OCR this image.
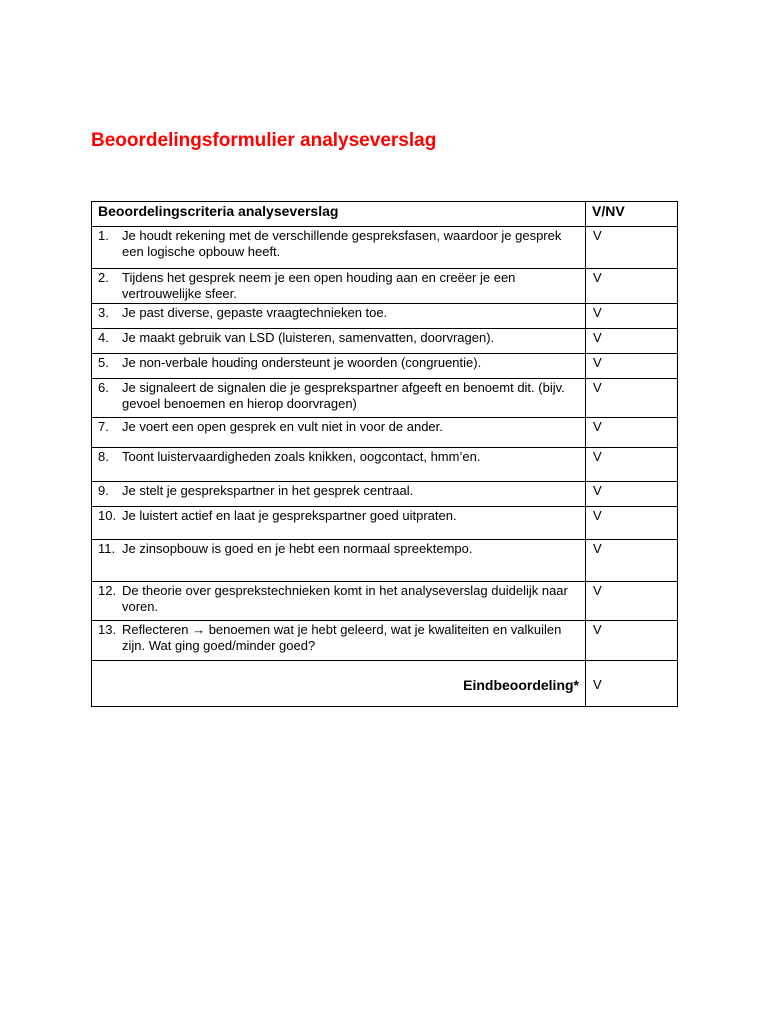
Beoordelingsformulier analyseverslag
Beoordelingscriteria analyseverslag	V/NV

1. Je houdt rekening met de verschillende gespreksfasen, waardoor je gesprek een logische opbouw heeft.	V

2. Tijdens het gesprek neem je een open houding aan en creëer je een vertrouwelijke sfeer.	V

3. Je past diverse, gepaste vraagtechnieken toe.	V

4. Je maakt gebruik van LSD (luisteren, samenvatten, doorvragen).	V

5. Je non-verbale houding ondersteunt je woorden (congruentie).	V

6. Je signaleert de signalen die je gesprekspartner afgeeft en benoemt dit. (bijv. gevoel benoemen en hierop doorvragen)	V

7. Je voert een open gesprek en vult niet in voor de ander.	V

8. Toont luistervaardigheden zoals knikken, oogcontact, hmm’en.	V

9. Je stelt je gesprekspartner in het gesprek centraal.	V

10. Je luistert actief en laat je gesprekspartner goed uitpraten.	V

11. Je zinsopbouw is goed en je hebt een normaal spreektempo.	V

12. De theorie over gesprekstechnieken komt in het analyseverslag duidelijk naar voren.	V

13. Reflecteren → benoemen wat je hebt geleerd, wat je kwaliteiten en valkuilen zijn. Wat ging goed/minder goed?	V

Eindbeoordeling*	V
